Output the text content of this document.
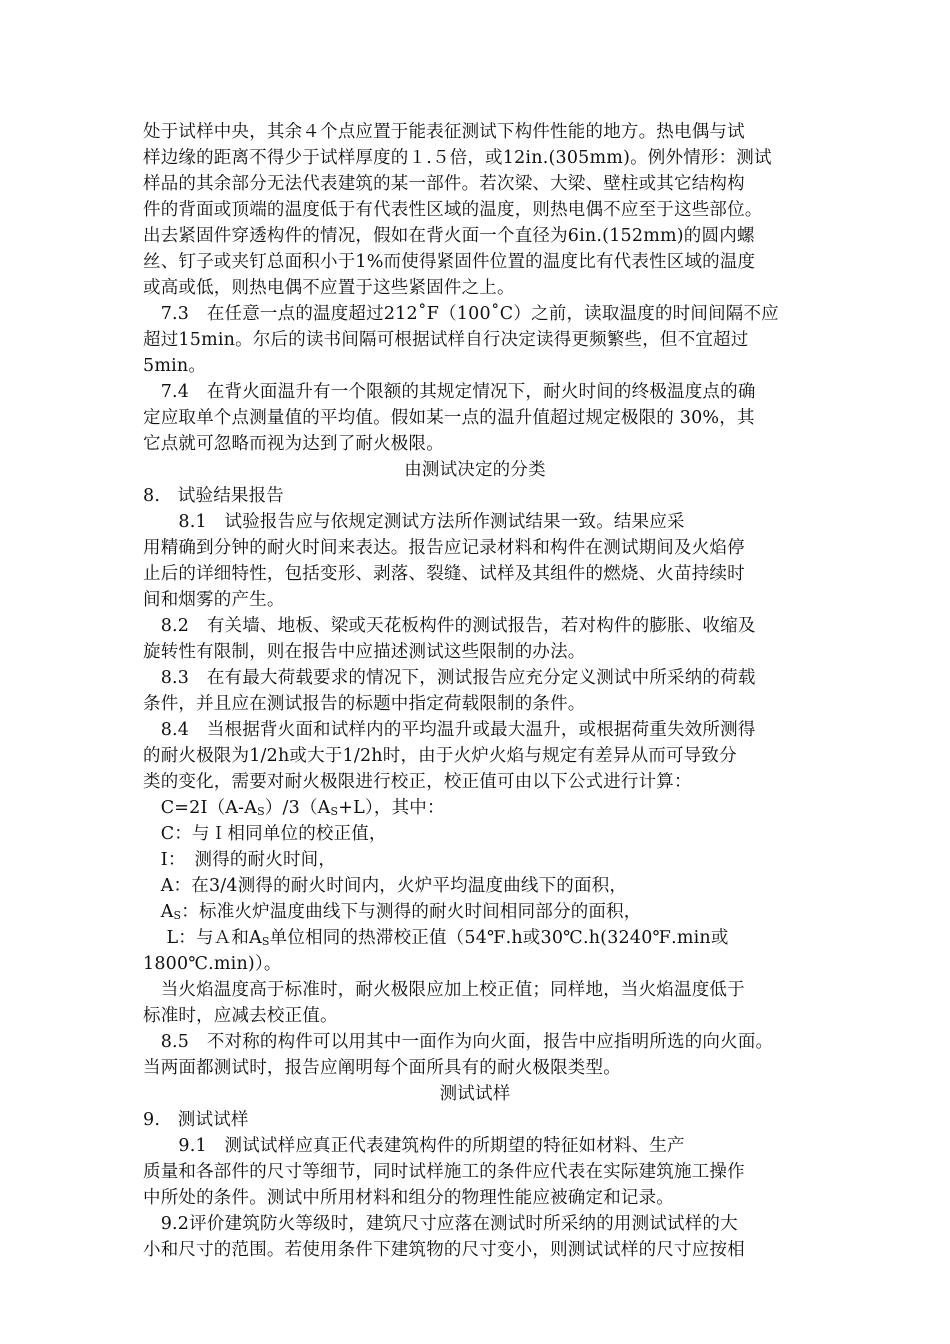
处于试样中央，其余４个点应置于能表征测试下构件性能的地方。热电偶与试
样边缘的距离不得少于试样厚度的１.５倍，或12in.(305mm)。例外情形：测试
样品的其余部分无法代表建筑的某一部件。若次梁、大梁、壁柱或其它结构构
件的背面或顶端的温度低于有代表性区域的温度，则热电偶不应至于这些部位。
出去紧固件穿透构件的情况，假如在背火面一个直径为6in.(152mm)的圆内螺
丝、钉子或夹钉总面积小于1%而使得紧固件位置的温度比有代表性区域的温度
或高或低，则热电偶不应置于这些紧固件之上。
　7.3　在任意一点的温度超过212˚F（100˚C）之前，读取温度的时间间隔不应
超过15min。尔后的读书间隔可根据试样自行决定读得更频繁些，但不宜超过
5min。
　7.4　在背火面温升有一个限额的其规定情况下，耐火时间的终极温度点的确
定应取单个点测量值的平均值。假如某一点的温升值超过规定极限的 30%，其
它点就可忽略而视为达到了耐火极限。
由测试决定的分类
8.　试验结果报告
　　8.1　试验报告应与依规定测试方法所作测试结果一致。结果应采
用精确到分钟的耐火时间来表达。报告应记录材料和构件在测试期间及火焰停
止后的详细特性，包括变形、剥落、裂缝、试样及其组件的燃烧、火苗持续时
间和烟雾的产生。
　8.2　有关墙、地板、梁或天花板构件的测试报告，若对构件的膨胀、收缩及
旋转性有限制，则在报告中应描述测试这些限制的办法。
　8.3　在有最大荷载要求的情况下，测试报告应充分定义测试中所采纳的荷载
条件，并且应在测试报告的标题中指定荷载限制的条件。
　8.4　当根据背火面和试样内的平均温升或最大温升，或根据荷重失效所测得
的耐火极限为1/2h或大于1/2h时，由于火炉火焰与规定有差异从而可导致分
类的变化，需要对耐火极限进行校正，校正值可由以下公式进行计算：
　$C=2I(A-A_S)/3(A_S+L)$，其中：
　C：与Ｉ相同单位的校正值，
　I：　测得的耐火时间，
　A：在3/4测得的耐火时间内，火炉平均温度曲线下的面积，
　$A_S$：标准火炉温度曲线下与测得的耐火时间相同部分的面积，
　 L：与Ａ和$A_S$单位相同的热滞校正值（54℉.h或30℃.h(3240℉.min或
1800℃.min)）。
　当火焰温度高于标准时，耐火极限应加上校正值；同样地，当火焰温度低于
标准时，应减去校正值。
　8.5　不对称的构件可以用其中一面作为向火面，报告中应指明所选的向火面。
当两面都测试时，报告应阐明每个面所具有的耐火极限类型。
测试试样
9.　测试试样
　　9.1　测试试样应真正代表建筑构件的所期望的特征如材料、生产
质量和各部件的尺寸等细节，同时试样施工的条件应代表在实际建筑施工操作
中所处的条件。测试中所用材料和组分的物理性能应被确定和记录。
　9.2评价建筑防火等级时，建筑尺寸应落在测试时所采纳的用测试试样的大
小和尺寸的范围。若使用条件下建筑物的尺寸变小，则测试试样的尺寸应按相
